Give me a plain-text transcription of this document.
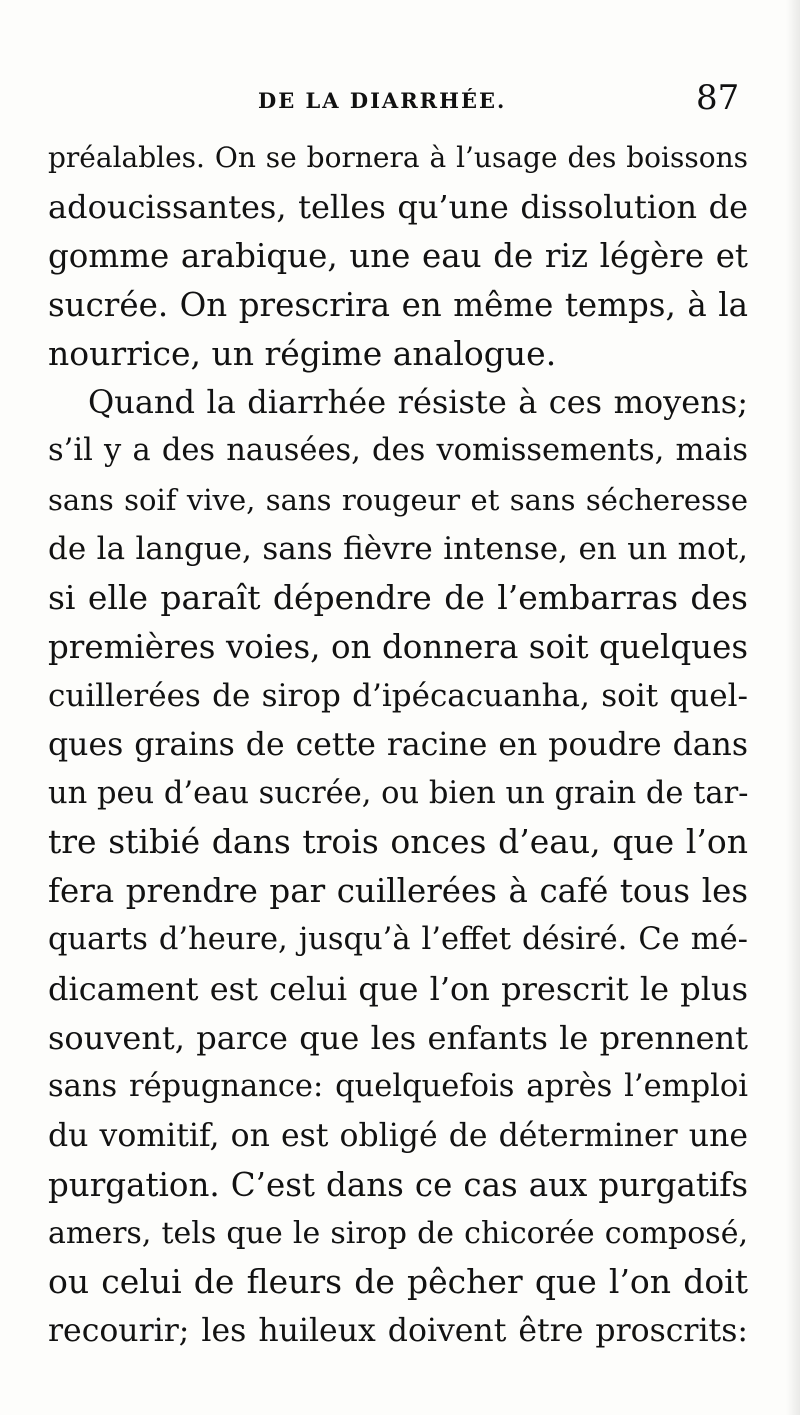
DE LA DIARRHÉE.	87
préalables. On se bornera à l’usage des boissons
adoucissantes, telles qu’une dissolution de
gomme arabique, une eau de riz légère et
sucrée. On prescrira en même temps, à la
nourrice, un régime analogue.
Quand la diarrhée résiste à ces moyens;
s’il y a des nausées, des vomissements, mais
sans soif vive, sans rougeur et sans sécheresse
de la langue, sans fièvre intense, en un mot,
si elle paraît dépendre de l’embarras des
premières voies, on donnera soit quelques
cuillerées de sirop d’ipécacuanha, soit quel-
ques grains de cette racine en poudre dans
un peu d’eau sucrée, ou bien un grain de tar-
tre stibié dans trois onces d’eau, que l’on
fera prendre par cuillerées à café tous les
quarts d’heure, jusqu’à l’effet désiré. Ce mé-
dicament est celui que l’on prescrit le plus
souvent, parce que les enfants le prennent
sans répugnance: quelquefois après l’emploi
du vomitif, on est obligé de déterminer une
purgation. C’est dans ce cas aux purgatifs
amers, tels que le sirop de chicorée composé,
ou celui de fleurs de pêcher que l’on doit
recourir; les huileux doivent être proscrits:
